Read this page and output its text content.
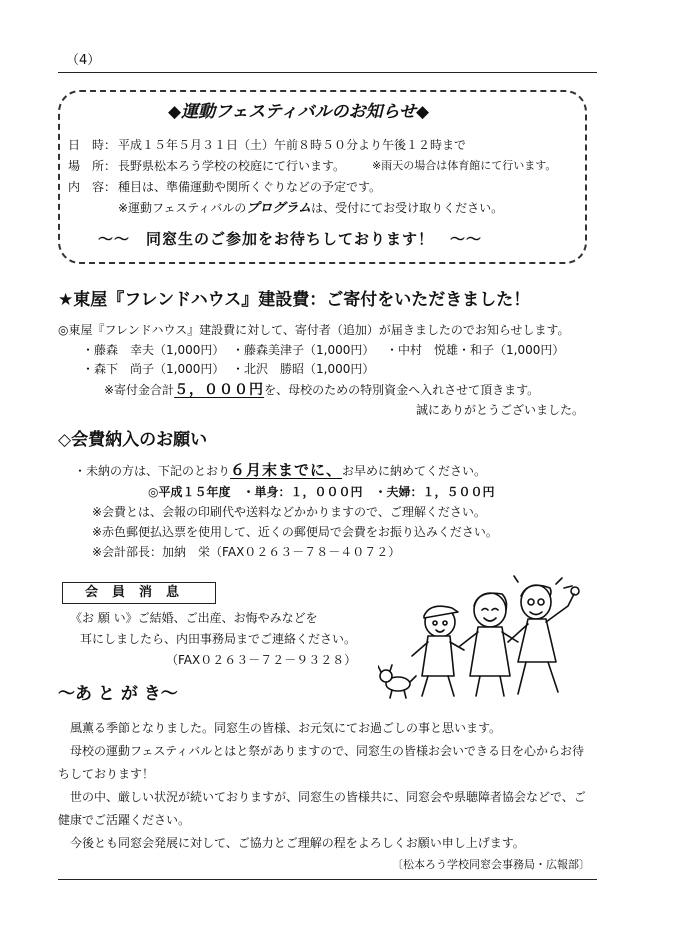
（4）
◆運動フェスティバルのお知らせ◆
日　時： 平成１５年５月３１日（土）午前８時５０分より午後１２時まで
場　所： 長野県松本ろう学校の校庭にて行います。 ※雨天の場合は体育館にて行います。
内　容： 種目は、準備運動や関所くぐりなどの予定です。
※運動フェスティバルのプログラムは、受付にてお受け取りください。
～～　同窓生のご参加をお待ちしております！　～～
★東屋『フレンドハウス』建設費：ご寄付をいただきました！
◎東屋『フレンドハウス』建設費に対して、寄付者（追加）が届きましたのでお知らせします。
・藤森　幸夫（1,000円） ・藤森美津子（1,000円） ・中村　悦雄・和子（1,000円）
・森下　尚子（1,000円） ・北沢　勝昭（1,000円）
※寄付金合計５，０００円を、母校のための特別資金へ入れさせて頂きます。
誠にありがとうございました。
◇会費納入のお願い
・未納の方は、下記のとおり６月末までに、お早めに納めてください。
◎平成１５年度　・単身：１，０００円　・夫婦：１，５００円
※会費とは、会報の印刷代や送料などかかりますので、ご理解ください。
※赤色郵便払込票を使用して、近くの郵便局で会費をお振り込みください。
※会計部長：加納　栄（FAX０２６３－７８－４０７２）
会員消息
《お 願 い》ご結婚、ご出産、お悔やみなどを
耳にしましたら、内田事務局までご連絡ください。
（FAX０２６３－７２－９３２８）
～あ と が き～
風薫る季節となりました。同窓生の皆様、お元気にてお過ごしの事と思います。
母校の運動フェスティバルとはと祭がありますので、同窓生の皆様お会いできる日を心からお待
ちしております！
世の中、厳しい状況が続いておりますが、同窓生の皆様共に、同窓会や県聴障者協会などで、ご
健康でご活躍ください。
今後とも同窓会発展に対して、ご協力とご理解の程をよろしくお願い申し上げます。
〔松本ろう学校同窓会事務局・広報部〕
